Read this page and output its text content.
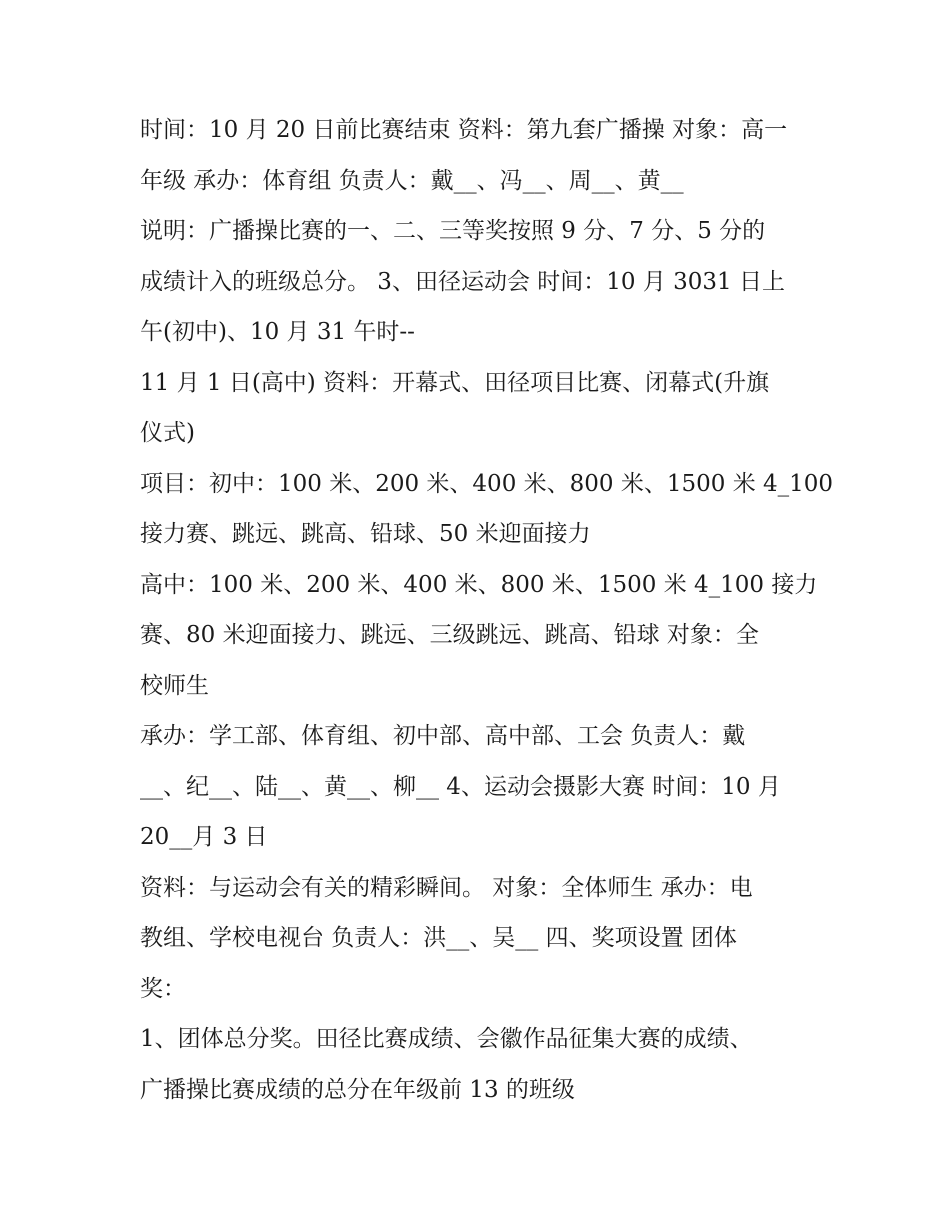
时间：10 月 20 日前比赛结束 资料：第九套广播操 对象：高一
年级 承办：体育组 负责人：戴__、冯__、周__、黄__
说明：广播操比赛的一、二、三等奖按照 9 分、7 分、5 分的
成绩计入的班级总分。 3、田径运动会 时间：10 月 3031 日上
午(初中)、10 月 31 午时--
11 月 1 日(高中) 资料：开幕式、田径项目比赛、闭幕式(升旗
仪式)
项目：初中：100 米、200 米、400 米、800 米、1500 米 4_100
接力赛、跳远、跳高、铅球、50 米迎面接力
高中：100 米、200 米、400 米、800 米、1500 米 4_100 接力
赛、80 米迎面接力、跳远、三级跳远、跳高、铅球 对象：全
校师生
承办：学工部、体育组、初中部、高中部、工会 负责人：戴
__、纪__、陆__、黄__、柳__ 4、运动会摄影大赛 时间：10 月
20__月 3 日
资料：与运动会有关的精彩瞬间。 对象：全体师生 承办：电
教组、学校电视台 负责人：洪__、吴__ 四、奖项设置 团体
奖：
1、团体总分奖。田径比赛成绩、会徽作品征集大赛的成绩、
广播操比赛成绩的总分在年级前 13 的班级
